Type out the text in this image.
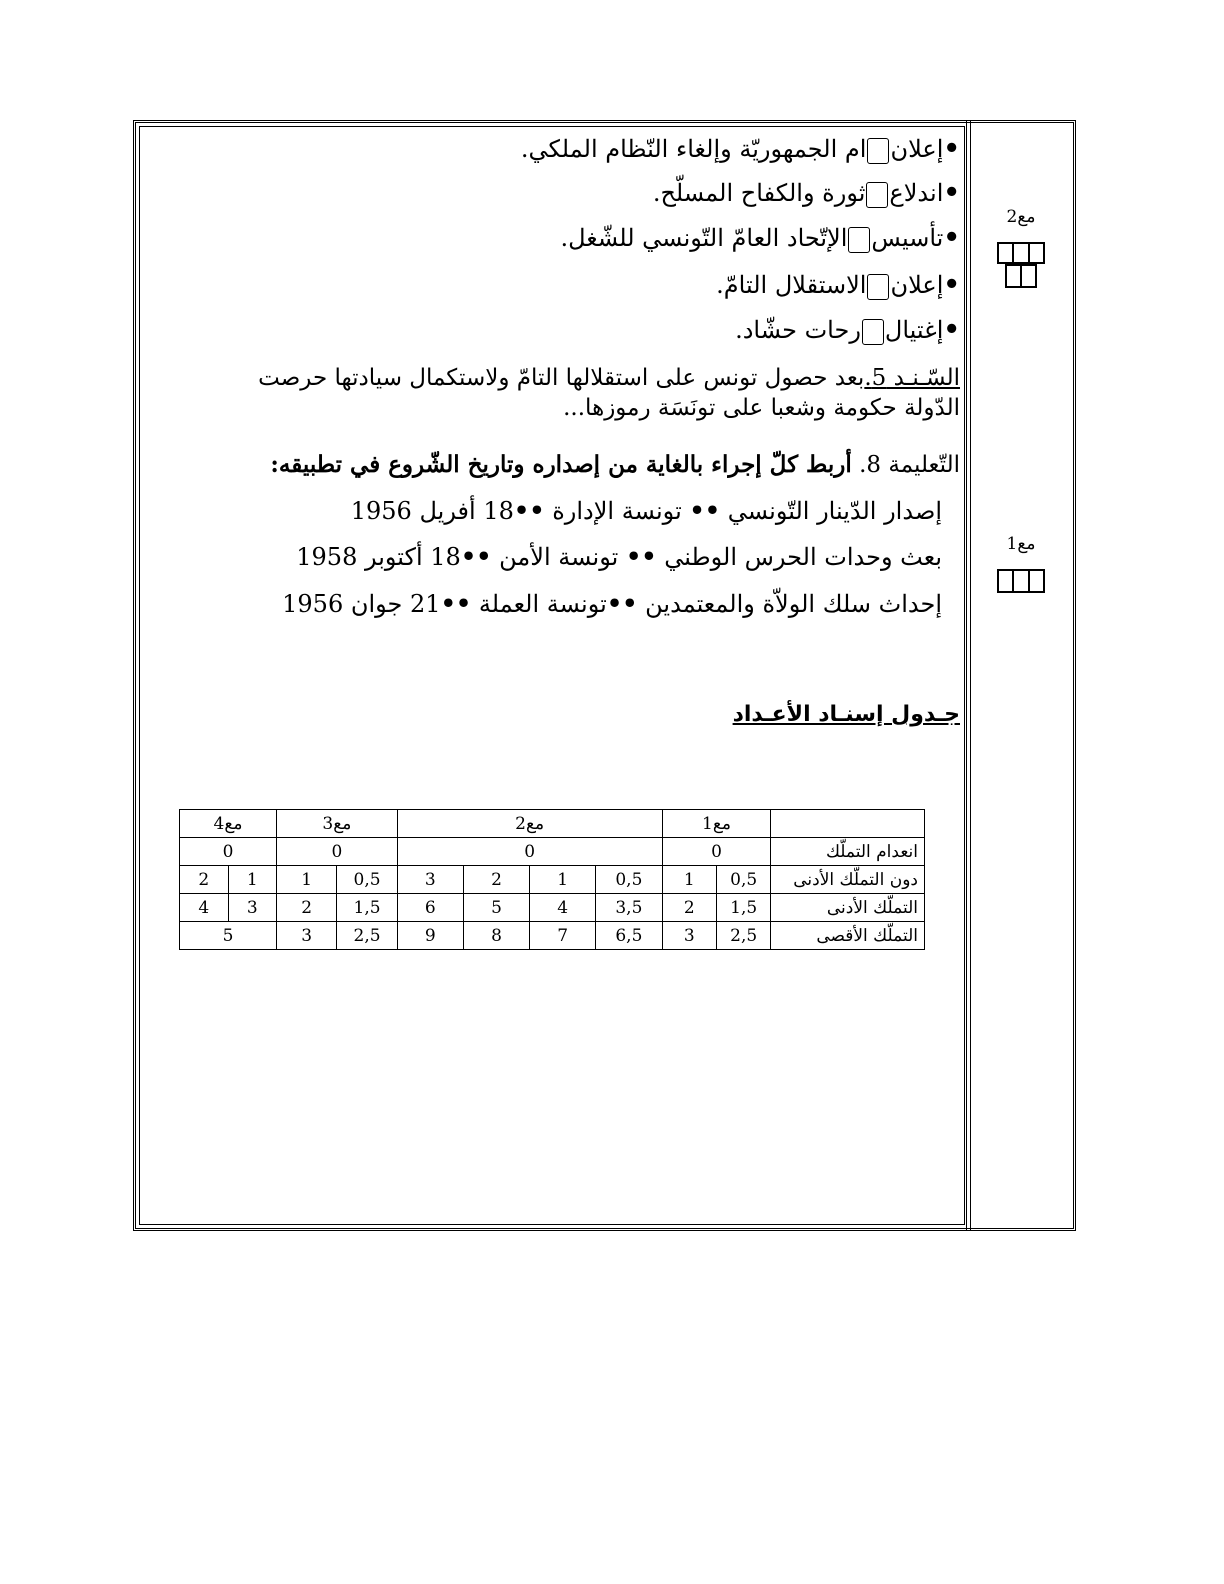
مع2
مع1
•إعلانام الجمهوريّة وإلغاء النّظام الملكي.
•اندلاعثورة والكفاح المسلّح.
•تأسيسالإتّحاد العامّ التّونسي للشّغل.
•إعلانالاستقلال التامّ.
•إغتيالرحات حشّاد.
السّـنـد 5.بعد حصول تونس على استقلالها التامّ ولاستكمال سيادتها حرصت الدّولة حكومة وشعبا على تونَسَة رموزها...
التّعليمة 8. أربط كلّ إجراء بالغاية من إصداره وتاريخ الشّروع في تطبيقه:
إصدار الدّينار التّونسي •• تونسة الإدارة ••18 أفريل 1956
بعث وحدات الحرس الوطني •• تونسة الأمن ••18 أكتوبر 1958
إحداث سلك الولاّة والمعتمدين ••تونسة العملة ••21 جوان 1956
جـدول إسنـاد الأعـداد
	مع1		مع2				مع3		مع4	
انعدام التملّك	0		0				0		0	
دون التملّك الأدنى	0,5	1	0,5	1	2	3	0,5	1	1	2
التملّك الأدنى	1,5	2	3,5	4	5	6	1,5	2	3	4
التملّك الأقصى	2,5	3	6,5	7	8	9	2,5	3	5	
